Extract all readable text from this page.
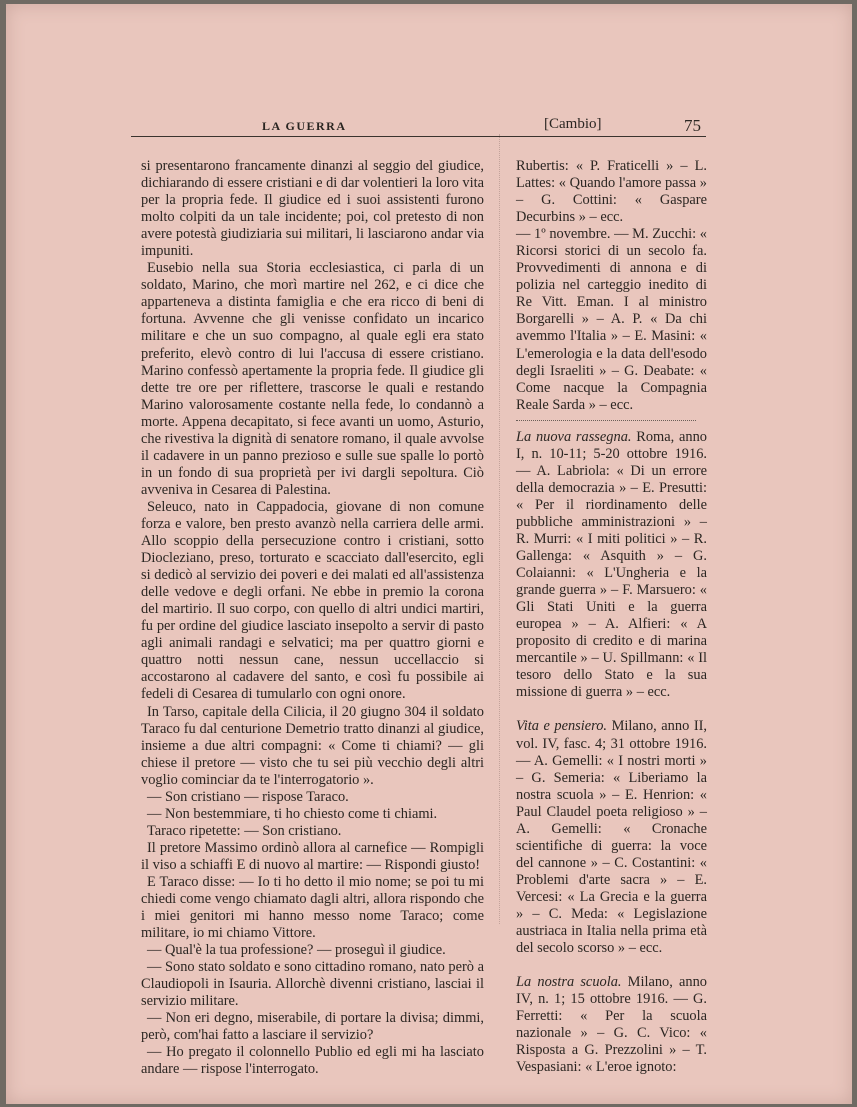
LA GUERRA	[Cambio]	75

si presentarono francamente dinanzi al seggio del giudice, dichiarando di essere cristiani e di dar volentieri la loro vita per la propria fede. Il giudice ed i suoi assistenti furono molto colpiti da un tale incidente; poi, col pretesto di non avere potestà giudiziaria sui militari, li lasciarono andar via impuniti.

Eusebio nella sua Storia ecclesiastica, ci parla di un soldato, Marino, che morì martire nel 262, e ci dice che apparteneva a distinta famiglia e che era ricco di beni di fortuna. Avvenne che gli venisse confidato un incarico militare e che un suo compagno, al quale egli era stato preferito, elevò contro di lui l'accusa di essere cristiano. Marino confessò apertamente la propria fede. Il giudice gli dette tre ore per riflettere, trascorse le quali e restando Marino valorosamente costante nella fede, lo condannò a morte. Appena decapitato, si fece avanti un uomo, Asturio, che rivestiva la dignità di senatore romano, il quale avvolse il cadavere in un panno prezioso e sulle sue spalle lo portò in un fondo di sua proprietà per ivi dargli sepoltura. Ciò avveniva in Cesarea di Palestina.

Seleuco, nato in Cappadocia, giovane di non comune forza e valore, ben presto avanzò nella carriera delle armi. Allo scoppio della persecuzione contro i cristiani, sotto Diocleziano, preso, torturato e scacciato dall'esercito, egli si dedicò al servizio dei poveri e dei malati ed all'assistenza delle vedove e degli orfani. Ne ebbe in premio la corona del martirio. Il suo corpo, con quello di altri undici martiri, fu per ordine del giudice lasciato insepolto a servir di pasto agli animali randagi e selvatici; ma per quattro giorni e quattro notti nessun cane, nessun uccellaccio si accostarono al cadavere del santo, e così fu possibile ai fedeli di Cesarea di tumularlo con ogni onore.

In Tarso, capitale della Cilicia, il 20 giugno 304 il soldato Taraco fu dal centurione Demetrio tratto dinanzi al giudice, insieme a due altri compagni: « Come ti chiami? — gli chiese il pretore — visto che tu sei più vecchio degli altri voglio cominciar da te l'interrogatorio ».

— Son cristiano — rispose Taraco.

— Non bestemmiare, ti ho chiesto come ti chiami.

Taraco ripetette: — Son cristiano.

Il pretore Massimo ordinò allora al carnefice — Rompigli il viso a schiaffi E di nuovo al martire: — Rispondi giusto!

E Taraco disse: — Io ti ho detto il mio nome; se poi tu mi chiedi come vengo chiamato dagli altri, allora rispondo che i miei genitori mi hanno messo nome Taraco; come militare, io mi chiamo Vittore.

— Qual'è la tua professione? — proseguì il giudice.

— Sono stato soldato e sono cittadino romano, nato però a Claudiopoli in Isauria. Allorchè divenni cristiano, lasciai il servizio militare.

— Non eri degno, miserabile, di portare la divisa; dimmi, però, com'hai fatto a lasciare il servizio?

— Ho pregato il colonnello Publio ed egli mi ha lasciato andare — rispose l'interrogato.

Rubertis: « P. Fraticelli » – L. Lattes: « Quando l'amore passa » – G. Cottini: « Gaspare Decurbins » – ecc.

— 1º novembre. — M. Zucchi: « Ricorsi storici di un secolo fa. Provvedimenti di annona e di polizia nel carteggio inedito di Re Vitt. Eman. I al ministro Borgarelli » – A. P. « Da chi avemmo l'Italia » – E. Masini: « L'emerologia e la data dell'esodo degli Israeliti » – G. Deabate: « Come nacque la Compagnia Reale Sarda » – ecc.

La nuova rassegna. Roma, anno I, n. 10-11; 5-20 ottobre 1916. — A. Labriola: « Di un errore della democrazia » – E. Presutti: « Per il riordinamento delle pubbliche amministrazioni » – R. Murri: « I miti politici » – R. Gallenga: « Asquith » – G. Colaianni: « L'Ungheria e la grande guerra » – F. Marsuero: « Gli Stati Uniti e la guerra europea » – A. Alfieri: « A proposito di credito e di marina mercantile » – U. Spillmann: « Il tesoro dello Stato e la sua missione di guerra » – ecc.

Vita e pensiero. Milano, anno II, vol. IV, fasc. 4; 31 ottobre 1916. — A. Gemelli: « I nostri morti » – G. Semeria: « Liberiamo la nostra scuola » – E. Henrion: « Paul Claudel poeta religioso » – A. Gemelli: « Cronache scientifiche di guerra: la voce del cannone » – C. Costantini: « Problemi d'arte sacra » – E. Vercesi: « La Grecia e la guerra » – C. Meda: « Legislazione austriaca in Italia nella prima età del secolo scorso » – ecc.

La nostra scuola. Milano, anno IV, n. 1; 15 ottobre 1916. — G. Ferretti: « Per la scuola nazionale » – G. C. Vico: « Risposta a G. Prezzolini » – T. Vespasiani: « L'eroe ignoto:
